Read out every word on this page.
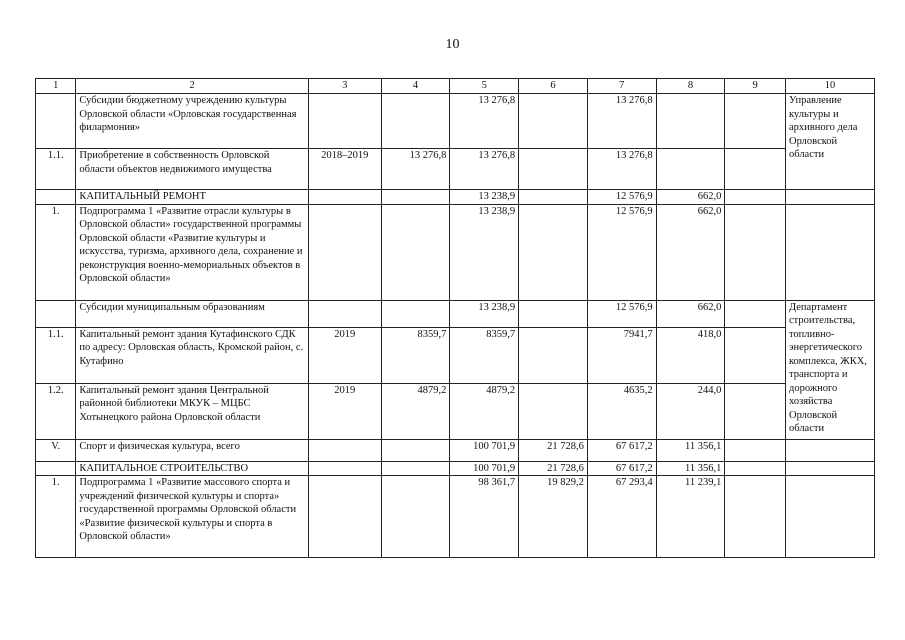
10
1	2	3	4	5	6	7	8	9	10
	Субсидии бюджетному учреждению культуры Орловской области «Орловская государственная филармония»			13 276,8		13 276,8			Управление культуры и архивного дела Орловской области
1.1.	Приобретение в собственность Орловской области объектов недвижимого имущества	2018–2019	13 276,8	13 276,8		13 276,8			
	КАПИТАЛЬНЫЙ РЕМОНТ			13 238,9		12 576,9	662,0		
1.	Подпрограмма 1 «Развитие отрасли культуры в Орловской области» государственной программы Орловской области «Развитие культуры и искусства, туризма, архивного дела, сохранение и реконструкция военно-мемориальных объектов в Орловской области»			13 238,9		12 576,9	662,0		
	Субсидии муниципальным образованиям			13 238,9		12 576,9	662,0		Департамент строительства, топливно-энергетического комплекса, ЖКХ, транспорта и дорожного хозяйства Орловской области
1.1.	Капитальный ремонт здания Кутафинского СДК по адресу: Орловская область, Кромской район, с. Кутафино	2019	8359,7	8359,7		7941,7	418,0		
1.2.	Капитальный ремонт здания Центральной районной библиотеки МКУК – МЦБС Хотынецкого района Орловской области	2019	4879,2	4879,2		4635,2	244,0		
V.	Спорт и физическая культура, всего			100 701,9	21 728,6	67 617,2	11 356,1		
	КАПИТАЛЬНОЕ СТРОИТЕЛЬСТВО			100 701,9	21 728,6	67 617,2	11 356,1		
1.	Подпрограмма 1 «Развитие массового спорта и учреждений физической культуры и спорта» государственной программы Орловской области «Развитие физической культуры и спорта в Орловской области»			98 361,7	19 829,2	67 293,4	11 239,1		
